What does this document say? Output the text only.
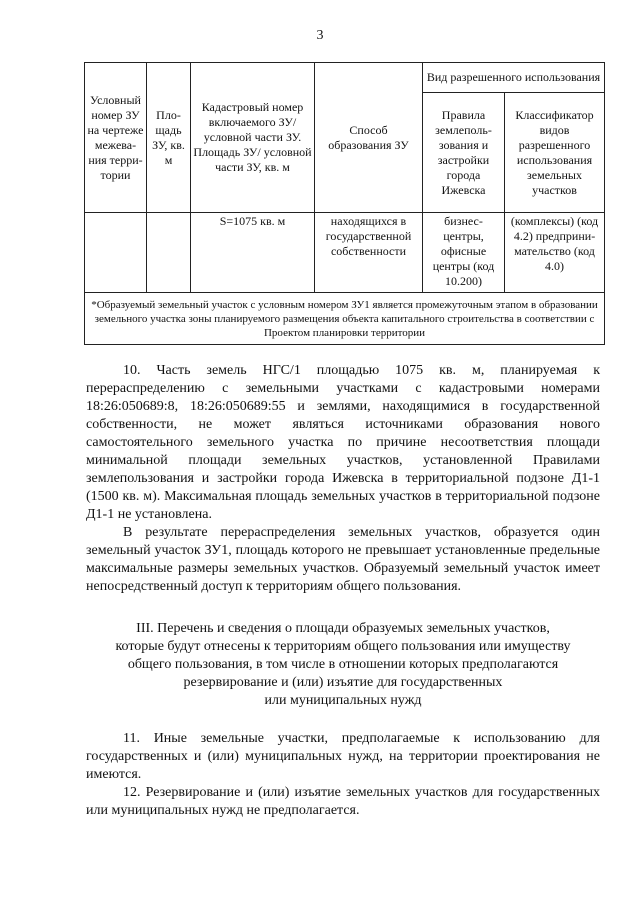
3
Условный номер ЗУ на чертеже межева-ния терри-тории	Пло-щадь ЗУ, кв. м	Кадастровый номер включаемого ЗУ/условной части ЗУ. Площадь ЗУ/ условной части ЗУ, кв. м	Способ образования ЗУ	Вид разрешенного использования	
				Правила землеполь-зования и застройки города Ижевска	Классификатор видов разрешенного использования земельных участков
		S=1075 кв. м	находящихся в государственной собственности	бизнес-центры, офисные центры (код 10.200)	(комплексы) (код 4.2) предприни-мательство (код 4.0)
*Образуемый земельный участок с условным номером ЗУ1 является промежуточным этапом в образовании земельного участка зоны планируемого размещения объекта капитального строительства в соответствии с Проектом планировки территории					

10. Часть земель НГС/1 площадью 1075 кв. м, планируемая к перераспределению с земельными участками с кадастровыми номерами 18:26:050689:8, 18:26:050689:55 и землями, находящимися в государственной собственности, не может являться источниками образования нового самостоятельного земельного участка по причине несоответствия площади минимальной площади земельных участков, установленной Правилами землепользования и застройки города Ижевска в территориальной подзоне Д1-1 (1500 кв. м). Максимальная площадь земельных участков в территориальной подзоне Д1-1 не установлена.

В результате перераспределения земельных участков, образуется один земельный участок ЗУ1, площадь которого не превышает установленные предельные максимальные размеры земельных участков. Образуемый земельный участок имеет непосредственный доступ к территориям общего пользования.

III. Перечень и сведения о площади образуемых земельных участков,
которые будут отнесены к территориям общего пользования или имуществу
общего пользования, в том числе в отношении которых предполагаются
резервирование и (или) изъятие для государственных
или муниципальных нужд

11. Иные земельные участки, предполагаемые к использованию для государственных и (или) муниципальных нужд, на территории проектирования не имеются.

12. Резервирование и (или) изъятие земельных участков для государственных или муниципальных нужд не предполагается.
